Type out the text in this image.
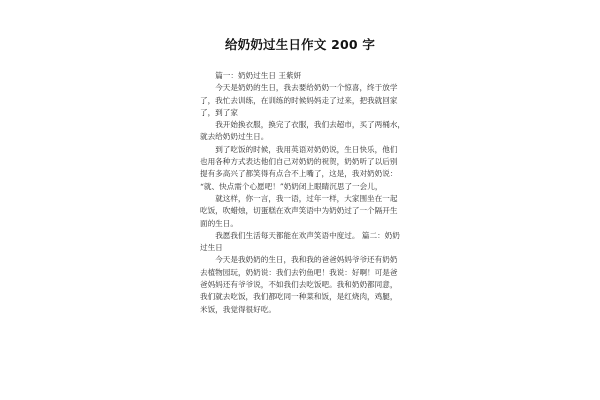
给奶奶过生日作文 200 字
篇一：奶奶过生日 王紫妍
今天是奶奶的生日，我去要给奶奶一个惊喜，终于放学
了，我忙去训练，在训练的时候妈妈走了过来，把我就回家
了，到了家
我开始换衣服，换完了衣服，我们去超市，买了两桶水，
就去给奶奶过生日。
到了吃饭的时候，我用英语对奶奶说，生日快乐，他们
也用各种方式表达他们自己对奶奶的祝贺，奶奶听了以后别
提有多高兴了都笑得有点合不上嘴了，这是，我对奶奶说：
“就、快点需个心愿吧！”奶奶闭上眼睛沉思了一会儿，
就这样，你一言，我一语，过年一样，大家围坐在一起
吃饭，吹蜡烛，切蛋糕在欢声笑语中为奶奶过了一个隔开生
面的生日。
我愿我们生活每天都能在欢声笑语中度过。 篇二：奶奶
过生日
今天是我奶奶的生日，我和我的爸爸妈妈爷爷还有奶奶
去植物园玩，奶奶说：我们去钓鱼吧！我说：好啊！可是爸
爸妈妈还有爷爷说，不如我们去吃饭吧。我和奶奶都同意，
我们就去吃饭，我们都吃同一种菜和饭，是红烧肉，鸡腿，
米饭，我觉得很好吃。
